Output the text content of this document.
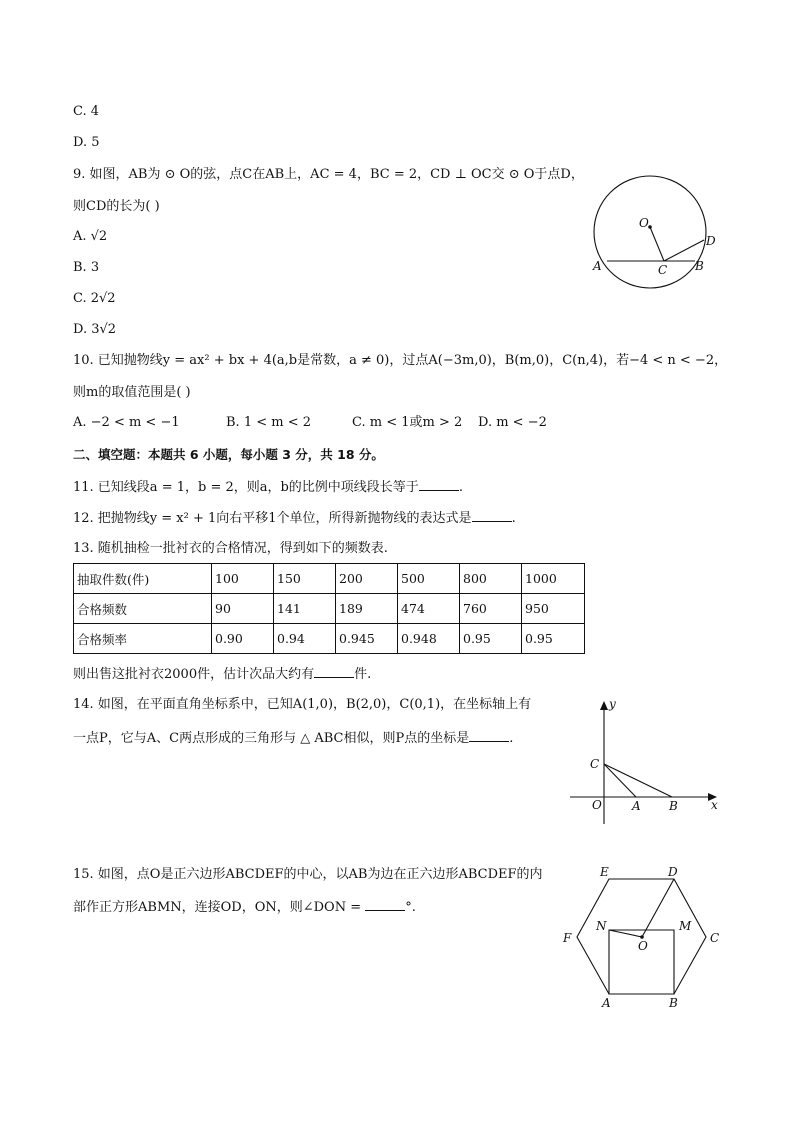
C. 4
D. 5
9. 如图，AB为 ⊙ O的弦，点C在AB上，AC = 4，BC = 2，CD ⊥ OC交 ⊙ O于点D，
则CD的长为( )
A. √2
B. 3
C. 2√2
D. 3√2
O
A	C B
D
10. 已知抛物线y = ax² + bx + 4(a,b是常数，a ≠ 0)，过点A(−3m,0)，B(m,0)，C(n,4)，若−4 < n < −2，
则m的取值范围是( )
A. −2 < m < −1	B. 1 < m < 2	C. m < 1或m > 2 D. m < −2
二、填空题：本题共 6 小题，每小题 3 分，共 18 分。
11. 已知线段a = 1，b = 2，则a，b的比例中项线段长等于	.
12. 把抛物线y = x² + 1向右平移1个单位，所得新抛物线的表达式是	.
13. 随机抽检一批衬衣的合格情况，得到如下的频数表.
抽取件数(件)	100	150	200	500	800	1000
合格频数	90	141	189	474	760	950
合格频率	0.90	0.94	0.945	0.948	0.95	0.95
则出售这批衬衣2000件，估计次品大约有	件.
14. 如图，在平面直角坐标系中，已知A(1,0)，B(2,0)，C(0,1)，在坐标轴上有
一点P，它与A、C两点形成的三角形与 △ ABC相似，则P点的坐标是	.
y
x
C
O	A B
15. 如图，点O是正六边形ABCDEF的中心，以AB为边在正六边形ABCDEF的内
部作正方形ABMN，连接OD，ON，则∠DON =	°.
E	D
F	C
N	M
O
A	B
